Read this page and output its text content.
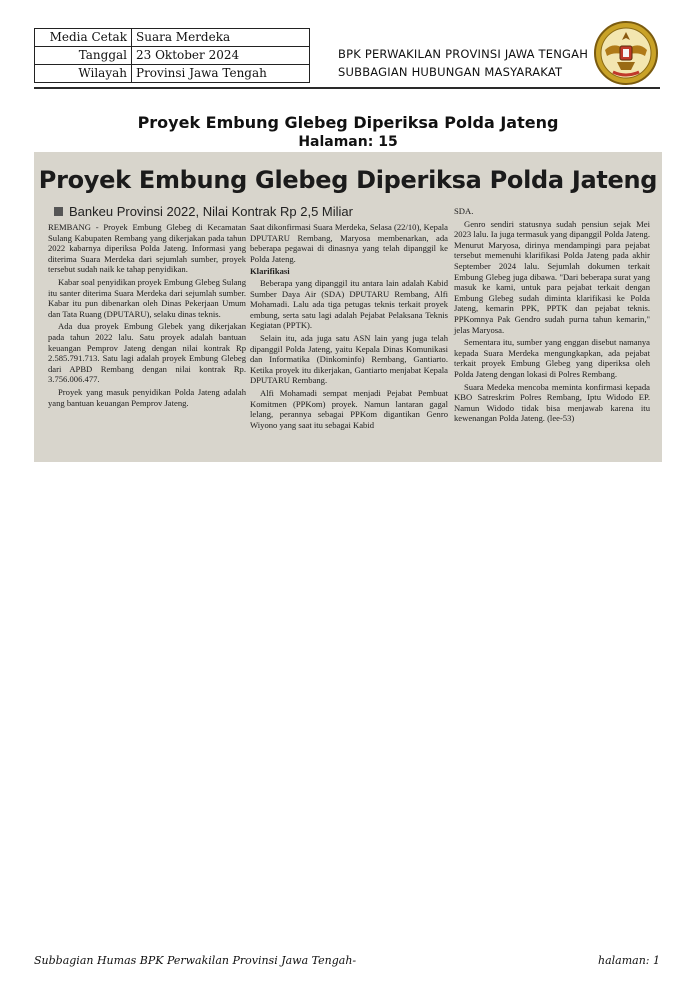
Media Cetak	Suara Merdeka
Tanggal	23 Oktober 2024
Wilayah	Provinsi Jawa Tengah
BPK PERWAKILAN PROVINSI JAWA TENGAH
SUBBAGIAN HUBUNGAN MASYARAKAT
Proyek Embung Glebeg Diperiksa Polda Jateng
Halaman: 15
Proyek Embung Glebeg Diperiksa Polda Jateng
Bankeu Provinsi 2022, Nilai Kontrak Rp 2,5 Miliar

REMBANG - Proyek Embung Glebeg di Kecamatan Sulang Kabupaten Rembang yang dikerjakan pada tahun 2022 kabarnya diperiksa Polda Jateng. Informasi yang diterima Suara Merdeka dari sejumlah sumber, proyek tersebut sudah naik ke tahap penyidikan.

Kabar soal penyidikan proyek Embung Glebeg Sulang itu santer diterima Suara Merdeka dari sejumlah sumber. Kabar itu pun dibenarkan oleh Dinas Pekerjaan Umum dan Tata Ruang (DPUTARU), selaku dinas teknis.

Ada dua proyek Embung Glebek yang dikerjakan pada tahun 2022 lalu. Satu proyek adalah bantuan keuangan Pemprov Jateng dengan nilai kontrak Rp 2.585.791.713. Satu lagi adalah proyek Embung Glebeg dari APBD Rembang dengan nilai kontrak Rp. 3.756.006.477.

Proyek yang masuk penyidikan Polda Jateng adalah yang bantuan keuangan Pemprov Jateng.

Saat dikonfirmasi Suara Merdeka, Selasa (22/10), Kepala DPUTARU Rembang, Maryosa membenarkan, ada beberapa pegawai di dinasnya yang telah dipanggil ke Polda Jateng.

Klarifikasi

Beberapa yang dipanggil itu antara lain adalah Kabid Sumber Daya Air (SDA) DPUTARU Rembang, Alfi Mohamadi. Lalu ada tiga petugas teknis terkait proyek embung, serta satu lagi adalah Pejabat Pelaksana Teknis Kegiatan (PPTK).

Selain itu, ada juga satu ASN lain yang juga telah dipanggil Polda Jateng, yaitu Kepala Dinas Komunikasi dan Informatika (Dinkominfo) Rembang, Gantiarto. Ketika proyek itu dikerjakan, Gantiarto menjabat Kepala DPUTARU Rembang.

Alfi Mohamadi sempat menjadi Pejabat Pembuat Komitmen (PPKom) proyek. Namun lantaran gagal lelang, perannya sebagai PPKom digantikan Genro Wiyono yang saat itu sebagai Kabid

SDA.

Genro sendiri statusnya sudah pensiun sejak Mei 2023 lalu. Ia juga termasuk yang dipanggil Polda Jateng. Menurut Maryosa, dirinya mendampingi para pejabat tersebut memenuhi klarifikasi Polda Jateng pada akhir September 2024 lalu. Sejumlah dokumen terkait Embung Glebeg juga dibawa. "Dari beberapa surat yang masuk ke kami, untuk para pejabat terkait dengan Embung Glebeg sudah diminta klarifikasi ke Polda Jateng, kemarin PPK, PPTK dan pejabat teknis. PPKomnya Pak Gendro sudah purna tahun kemarin," jelas Maryosa.

Sementara itu, sumber yang enggan disebut namanya kepada Suara Merdeka mengungkapkan, ada pejabat terkait proyek Embung Glebeg yang diperiksa oleh Polda Jateng dengan lokasi di Polres Rembang.

Suara Medeka mencoba meminta konfirmasi kepada KBO Satreskrim Polres Rembang, Iptu Widodo EP. Namun Widodo tidak bisa menjawab karena itu kewenangan Polda Jateng. (lee-53)

Subbagian Humas BPK Perwakilan Provinsi Jawa Tengah-	halaman: 1
